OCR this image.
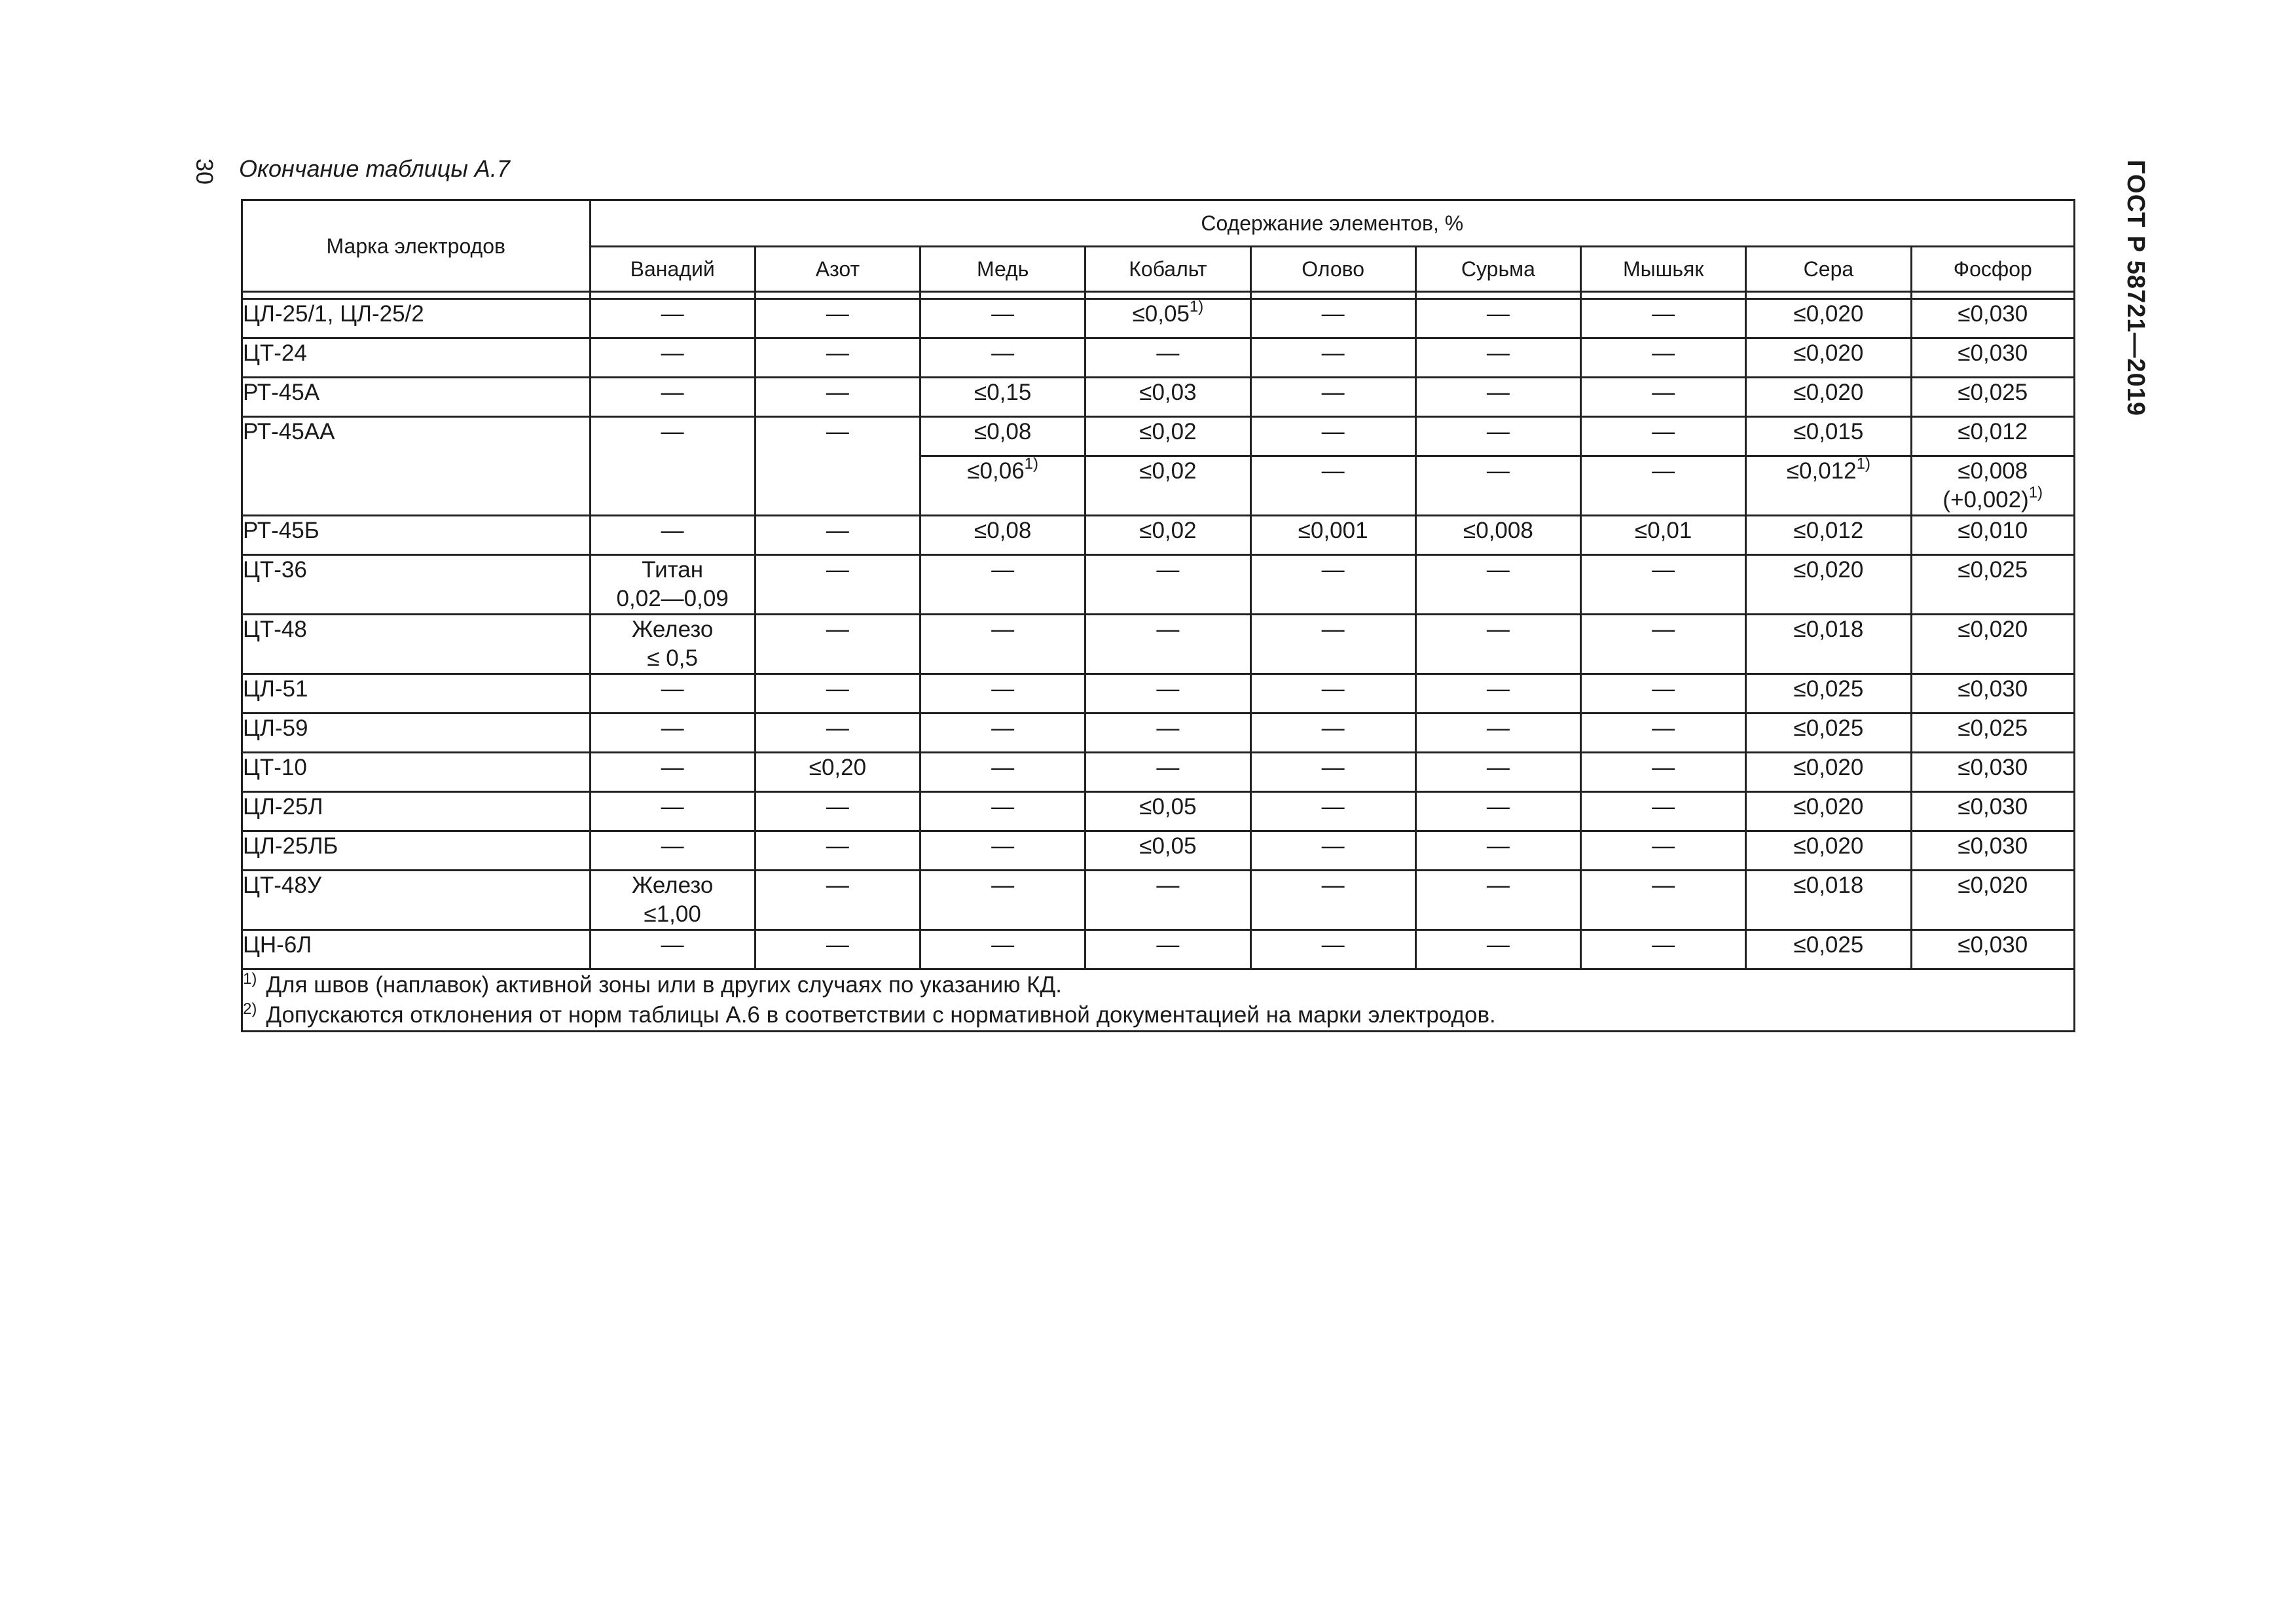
30	ГОСТ Р 58721—2019
Окончание таблицы А.7
Марка электродов	Содержание элементов, %								
	Ванадий	Азот	Медь	Кобальт	Олово	Сурьма	Мышьяк	Сера	Фосфор

ЦЛ-25/1, ЦЛ-25/2	—	—	—	$\le 0,05^{1)}$	—	—	—	≤0,020	≤0,030

ЦТ-24	—	—	—	—	—	—	—	≤0,020	≤0,030

РТ-45А	—	—	≤0,15	≤0,03	—	—	—	≤0,020	≤0,025

РТ-45АА	—	—	≤0,08	≤0,02	—	—	—	≤0,015	≤0,012

			$\le 0,06^{1)}$	≤0,02	—	—	—	$\le 0,012^{1)}$	≤0,008
$(+0,002)^{1)}$

РТ-45Б	—	—	≤0,08	≤0,02	≤0,001	≤0,008	≤0,01	≤0,012	≤0,010

ЦТ-36	Титан
0,02—0,09	—	—	—	—	—	—	≤0,020	≤0,025

ЦТ-48	Железо
≤ 0,5	—	—	—	—	—	—	≤0,018	≤0,020

ЦЛ-51	—	—	—	—	—	—	—	≤0,025	≤0,030

ЦЛ-59	—	—	—	—	—	—	—	≤0,025	≤0,025

ЦТ-10	—	≤0,20	—	—	—	—	—	≤0,020	≤0,030

ЦЛ-25Л	—	—	—	≤0,05	—	—	—	≤0,020	≤0,030

ЦЛ-25ЛБ	—	—	—	≤0,05	—	—	—	≤0,020	≤0,030

ЦТ-48У	Железо
≤1,00	—	—	—	—	—	—	≤0,018	≤0,020

ЦН-6Л	—	—	—	—	—	—	—	≤0,025	≤0,030

$^{1)}$ Для швов (наплавок) активной зоны или в других случаях по указанию КД.
$^{2)}$ Допускаются отклонения от норм таблицы А.6 в соответствии с нормативной документацией на марки электродов.									
